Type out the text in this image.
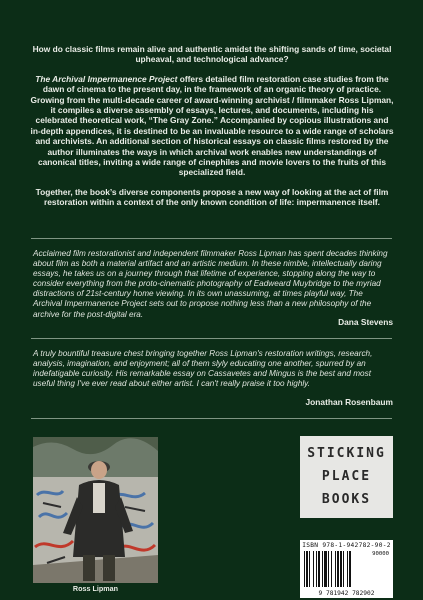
How do classic films remain alive and authentic amidst the shifting sands of time, societal upheaval, and technological advance?

The Archival Impermanence Project offers detailed film restoration case studies from the dawn of cinema to the present day, in the framework of an organic theory of practice. Growing from the multi-decade career of award-winning archivist / filmmaker Ross Lipman, it compiles a diverse assembly of essays, lectures, and documents, including his celebrated theoretical work, “The Gray Zone.” Accompanied by copious illustrations and in-depth appendices, it is destined to be an invaluable resource to a wide range of scholars and archivists. An additional section of historical essays on classic films restored by the author illuminates the ways in which archival work enables new understandings of canonical titles, inviting a wide range of cinephiles and movie lovers to the fruits of this specialized field.

Together, the book’s diverse components propose a new way of looking at the act of film restoration within a context of the only known condition of life: impermanence itself.

Acclaimed film restorationist and independent filmmaker Ross Lipman has spent decades thinking about film as both a material artifact and an artistic medium. In these nimble, intellectually daring essays, he takes us on a journey through that lifetime of experience, stopping along the way to consider everything from the proto-cinematic photography of Eadweard Muybridge to the myriad distractions of 21st-century home viewing. In its own unassuming, at times playful way, The Archival Impermanence Project sets out to propose nothing less than a new philosophy of the archive for the post-digital era.
Dana Stevens
A truly bountiful treasure chest bringing together Ross Lipman's restoration writings, research, analysis, imagination, and enjoyment; all of them slyly educating one another, spurred by an indefatigable curiosity. His remarkable essay on Cassavetes and Mingus is the best and most useful thing I've ever read about either artist. I can't really praise it too highly.
Jonathan Rosenbaum
Ross Lipman
STICKING
PLACE
BOOKS
ISBN 978-1-942782-90-2
90000
9 781942 782902
